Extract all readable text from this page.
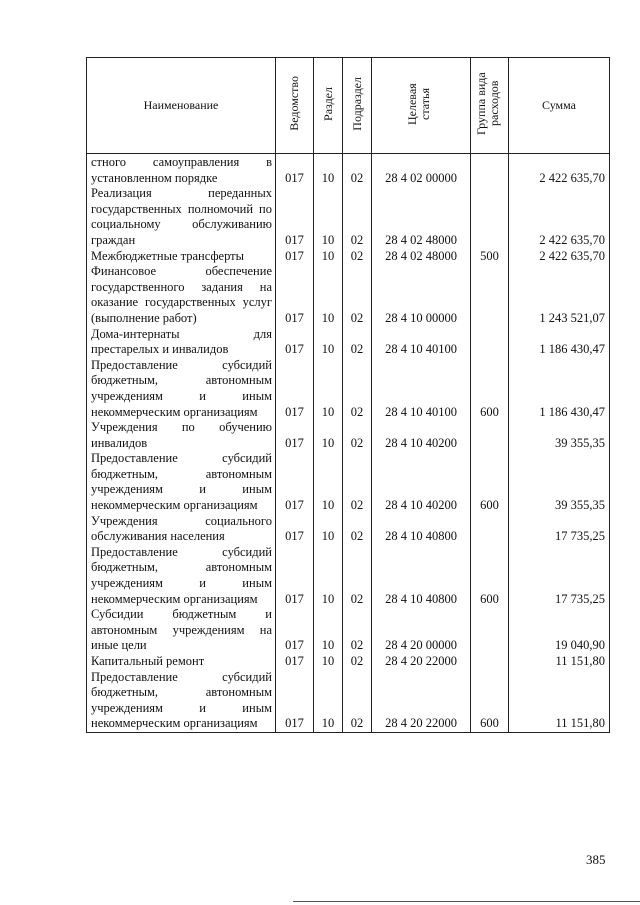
Наименование	Ведомство	Раздел	Подраздел	Целевая статья	Группа вида расходов	Сумма
стного самоуправления в установленном порядке	017	10	02	28 4 02 00000		2 422 635,70
Реализация переданных государственных полномочий по социальному обслуживанию граждан	017	10	02	28 4 02 48000		2 422 635,70
Межбюджетные трансферты	017	10	02	28 4 02 48000	500	2 422 635,70
Финансовое обеспечение государственного задания на оказание государственных услуг (выполнение работ)	017	10	02	28 4 10 00000		1 243 521,07
Дома-интернаты для престарелых и инвалидов	017	10	02	28 4 10 40100		1 186 430,47
Предоставление субсидий бюджетным, автономным учреждениям и иным некоммерческим организациям	017	10	02	28 4 10 40100	600	1 186 430,47
Учреждения по обучению инвалидов	017	10	02	28 4 10 40200		39 355,35
Предоставление субсидий бюджетным, автономным учреждениям и иным некоммерческим организациям	017	10	02	28 4 10 40200	600	39 355,35
Учреждения социального обслуживания населения	017	10	02	28 4 10 40800		17 735,25
Предоставление субсидий бюджетным, автономным учреждениям и иным некоммерческим организациям	017	10	02	28 4 10 40800	600	17 735,25
Субсидии бюджетным и автономным учреждениям на иные цели	017	10	02	28 4 20 00000		19 040,90
Капитальный ремонт	017	10	02	28 4 20 22000		11 151,80
Предоставление субсидий бюджетным, автономным учреждениям и иным некоммерческим организациям	017	10	02	28 4 20 22000	600	11 151,80
385
